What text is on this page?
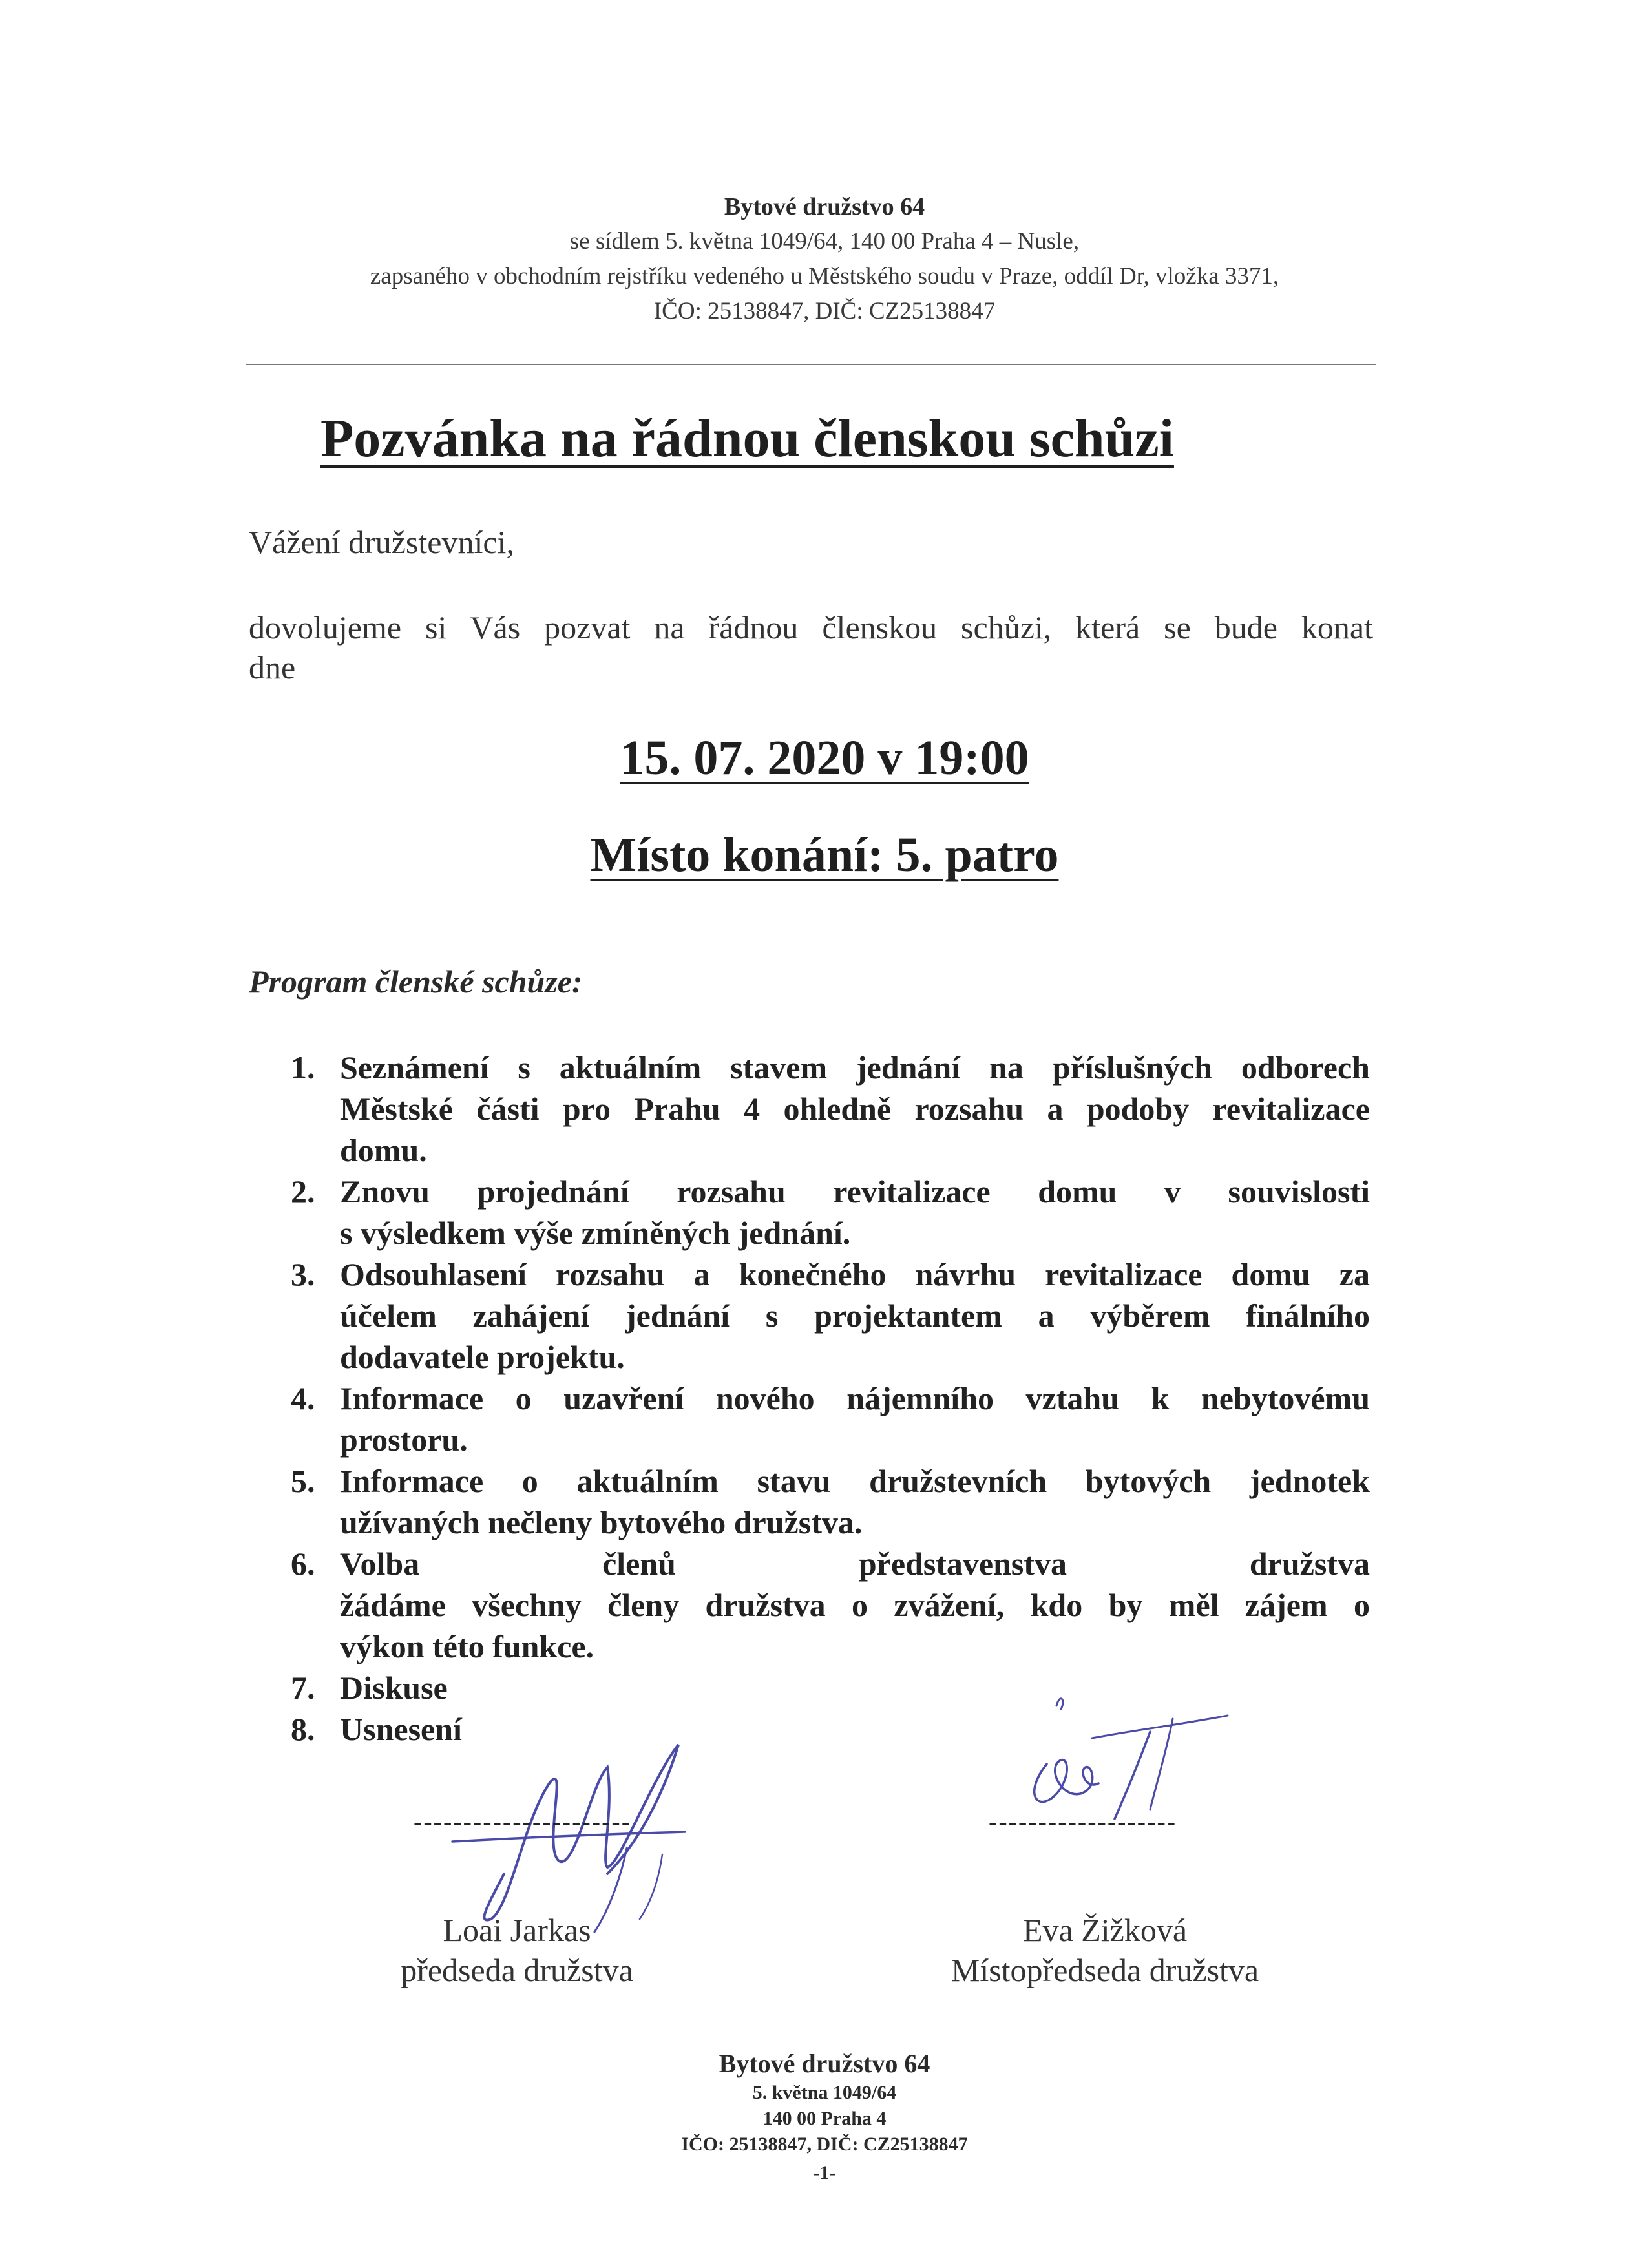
Bytové družstvo 64
se sídlem 5. května 1049/64, 140 00 Praha 4 – Nusle,
zapsaného v obchodním rejstříku vedeného u Městského soudu v Praze, oddíl Dr, vložka 3371,
IČO: 25138847, DIČ: CZ25138847
Pozvánka na řádnou členskou schůzi
Vážení družstevníci,
dovolujeme si Vás pozvat na řádnou členskou schůzi, která se bude konat
dne
15. 07. 2020 v 19:00
Místo konání: 5. patro
Program členské schůze:
1. Seznámení s aktuálním stavem jednání na příslušných odborech
Městské části pro Prahu 4 ohledně rozsahu a podoby revitalizace
domu.
2. Znovu projednání rozsahu revitalizace domu v souvislosti
s výsledkem výše zmíněných jednání.
3. Odsouhlasení rozsahu a konečného návrhu revitalizace domu za
účelem zahájení jednání s projektantem a výběrem finálního
dodavatele projektu.
4. Informace o uzavření nového nájemního vztahu k nebytovému
prostoru.
5. Informace o aktuálním stavu družstevních bytových jednotek
užívaných nečleny bytového družstva.
6. Volba členů představenstva družstva
žádáme všechny členy družstva o zvážení, kdo by měl zájem o
výkon této funkce.
7. Diskuse
8. Usnesení
----------------------
Loai Jarkas
předseda družstva
-------------------
Eva Žižková
Místopředseda družstva
Bytové družstvo 64
5. května 1049/64
140 00 Praha 4
IČO: 25138847, DIČ: CZ25138847
-1-
